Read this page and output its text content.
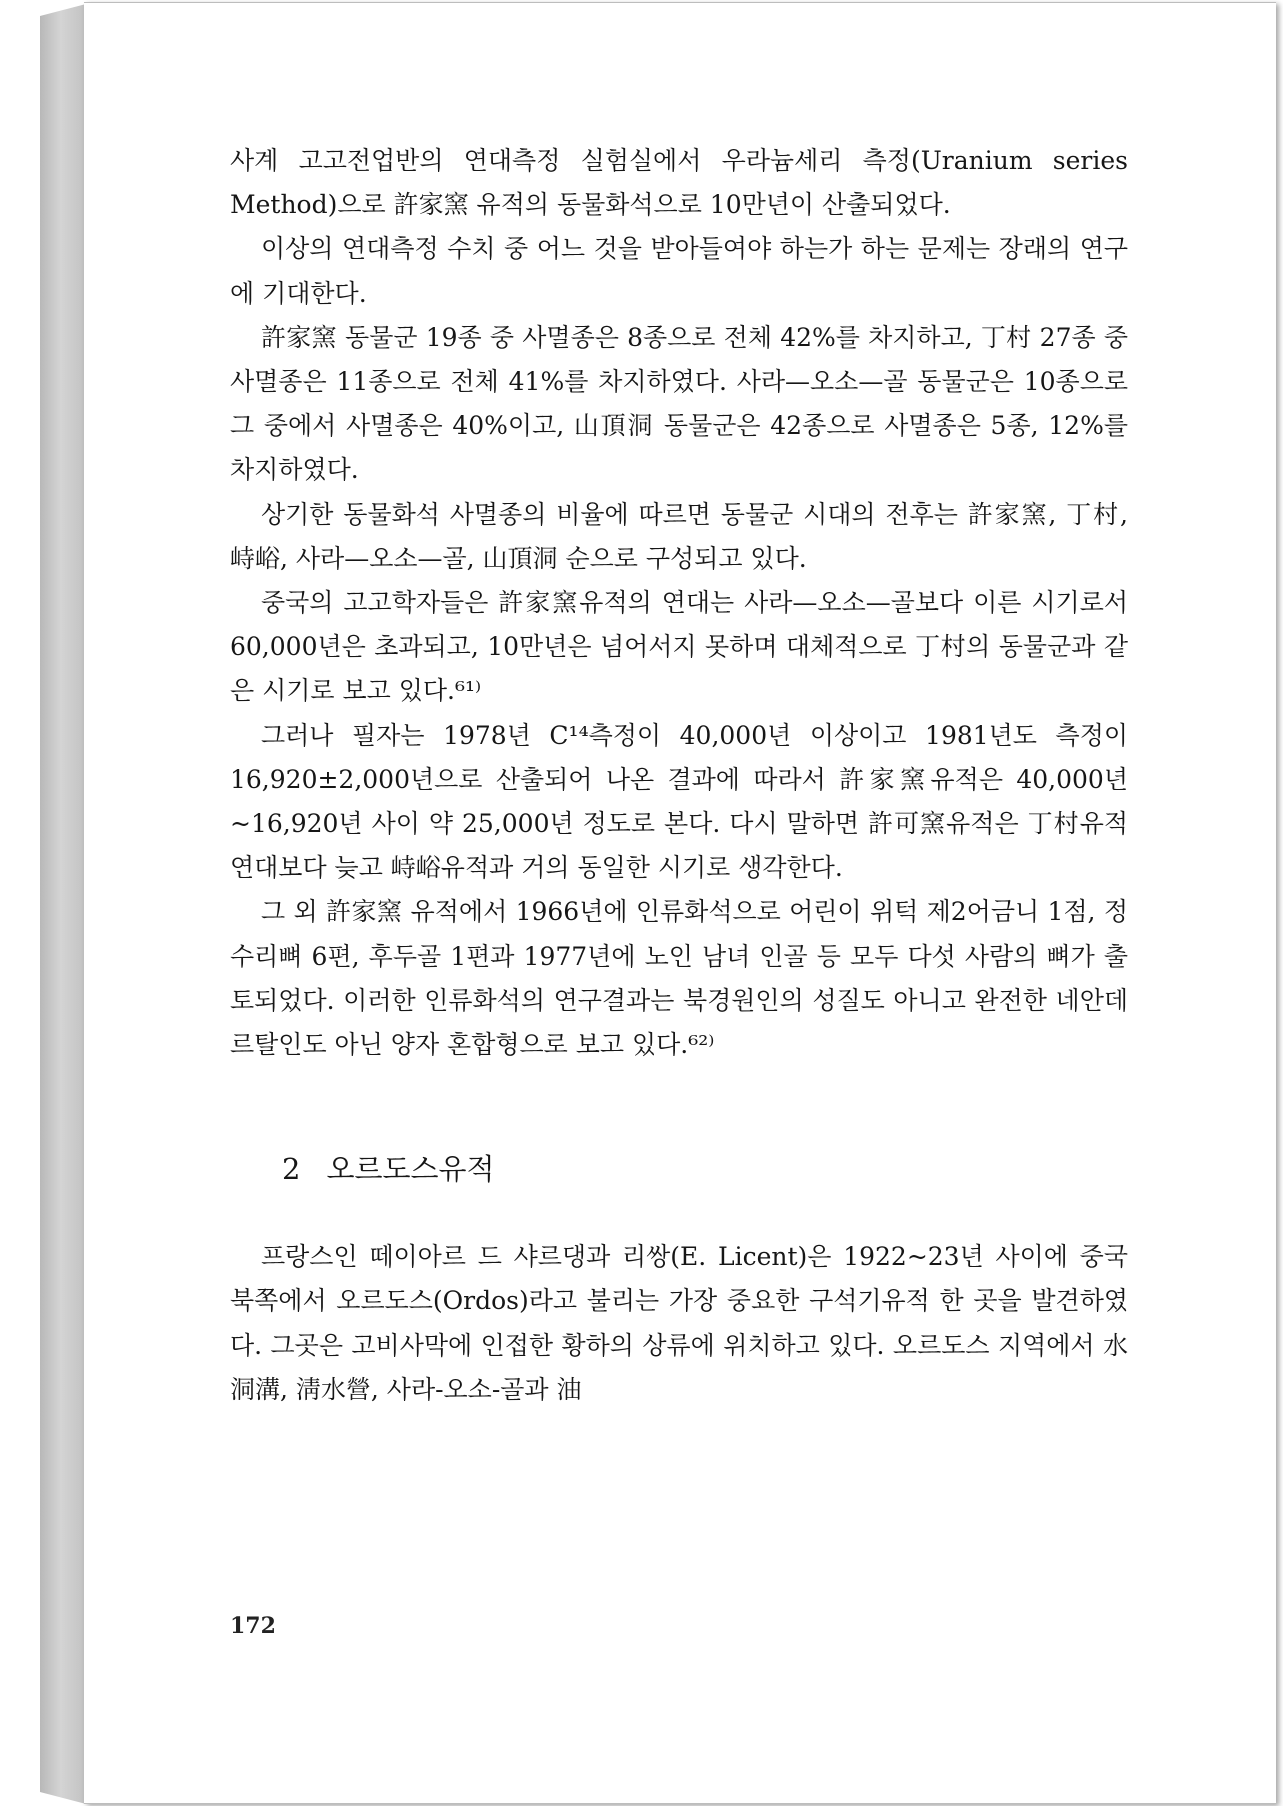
사계 고고전업반의 연대측정 실험실에서 우라늄세리 측정(Uranium series Method)으로 許家窯 유적의 동물화석으로 10만년이 산출되었다.

이상의 연대측정 수치 중 어느 것을 받아들여야 하는가 하는 문제는 장래의 연구에 기대한다.

許家窯 동물군 19종 중 사멸종은 8종으로 전체 42%를 차지하고, 丁村 27종 중 사멸종은 11종으로 전체 41%를 차지하였다. 사라—오소—골 동물군은 10종으로 그 중에서 사멸종은 40%이고, 山頂洞 동물군은 42종으로 사멸종은 5종, 12%를 차지하였다.

상기한 동물화석 사멸종의 비율에 따르면 동물군 시대의 전후는 許家窯, 丁村, 峙峪, 사라—오소—골, 山頂洞 순으로 구성되고 있다.

중국의 고고학자들은 許家窯유적의 연대는 사라—오소—골보다 이른 시기로서 60,000년은 초과되고, 10만년은 넘어서지 못하며 대체적으로 丁村의 동물군과 같은 시기로 보고 있다.⁶¹⁾

그러나 필자는 1978년 C¹⁴측정이 40,000년 이상이고 1981년도 측정이 16,920±2,000년으로 산출되어 나온 결과에 따라서 許家窯유적은 40,000년~16,920년 사이 약 25,000년 정도로 본다. 다시 말하면 許可窯유적은 丁村유적 연대보다 늦고 峙峪유적과 거의 동일한 시기로 생각한다.

그 외 許家窯 유적에서 1966년에 인류화석으로 어린이 위턱 제2어금니 1점, 정수리뼈 6편, 후두골 1편과 1977년에 노인 남녀 인골 등 모두 다섯 사람의 뼈가 출토되었다. 이러한 인류화석의 연구결과는 북경원인의 성질도 아니고 완전한 네안데르탈인도 아닌 양자 혼합형으로 보고 있다.⁶²⁾

2 오르도스유적

프랑스인 떼이아르 드 샤르댕과 리쌍(E. Licent)은 1922~23년 사이에 중국 북쪽에서 오르도스(Ordos)라고 불리는 가장 중요한 구석기유적 한 곳을 발견하였다. 그곳은 고비사막에 인접한 황하의 상류에 위치하고 있다. 오르도스 지역에서 水洞溝, 淸水營, 사라-오소-골과 油

172
